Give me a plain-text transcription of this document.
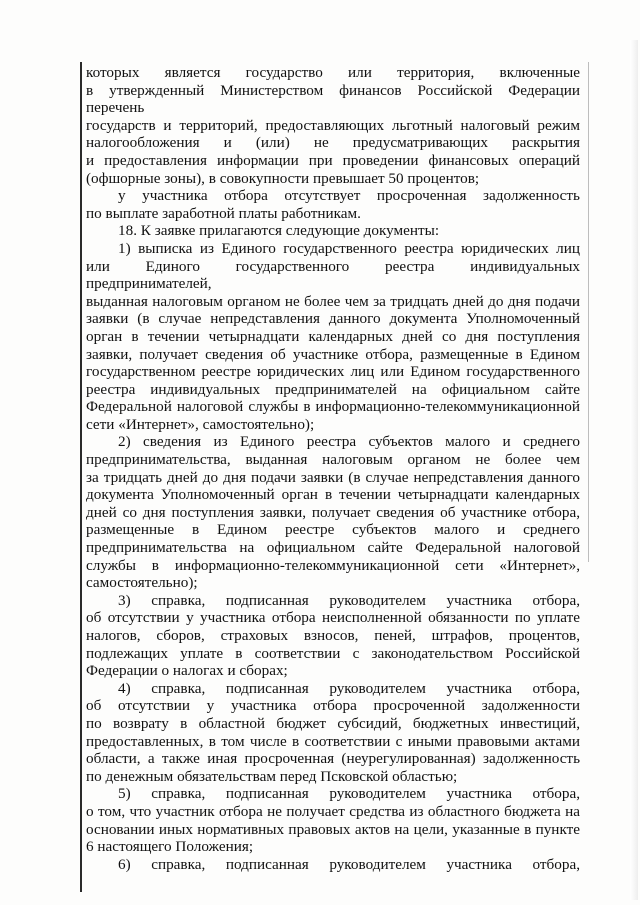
которых является государство или территория, включенные

в утвержденный Министерством финансов Российской Федерации перечень

государств и территорий, предоставляющих льготный налоговый режим

налогообложения и (или) не предусматривающих раскрытия

и предоставления информации при проведении финансовых операций

(офшорные зоны), в совокупности превышает 50 процентов;

у участника отбора отсутствует просроченная задолженность

по выплате заработной платы работникам.

18. К заявке прилагаются следующие документы:

1) выписка из Единого государственного реестра юридических лиц

или Единого государственного реестра индивидуальных предпринимателей,

выданная налоговым органом не более чем за тридцать дней до дня подачи

заявки (в случае непредставления данного документа Уполномоченный

орган в течении четырнадцати календарных дней со дня поступления

заявки, получает сведения об участнике отбора, размещенные в Едином

государственном реестре юридических лиц или Едином государственного

реестра индивидуальных предпринимателей на официальном сайте

Федеральной налоговой службы в информационно-телекоммуникационной

сети «Интернет», самостоятельно);

2) сведения из Единого реестра субъектов малого и среднего

предпринимательства, выданная налоговым органом не более чем

за тридцать дней до дня подачи заявки (в случае непредставления данного

документа Уполномоченный орган в течении четырнадцати календарных

дней со дня поступления заявки, получает сведения об участнике отбора,

размещенные в Едином реестре субъектов малого и среднего

предпринимательства на официальном сайте Федеральной налоговой

службы в информационно-телекоммуникационной сети «Интернет»,

самостоятельно);

3) справка, подписанная руководителем участника отбора,

об отсутствии у участника отбора неисполненной обязанности по уплате

налогов, сборов, страховых взносов, пеней, штрафов, процентов,

подлежащих уплате в соответствии с законодательством Российской

Федерации о налогах и сборах;

4) справка, подписанная руководителем участника отбора,

об отсутствии у участника отбора просроченной задолженности

по возврату в областной бюджет субсидий, бюджетных инвестиций,

предоставленных, в том числе в соответствии с иными правовыми актами

области, а также иная просроченная (неурегулированная) задолженность

по денежным обязательствам перед Псковской областью;

5) справка, подписанная руководителем участника отбора,

о том, что участник отбора не получает средства из областного бюджета на

основании иных нормативных правовых актов на цели, указанные в пункте

6 настоящего Положения;

6) справка, подписанная руководителем участника отбора,
